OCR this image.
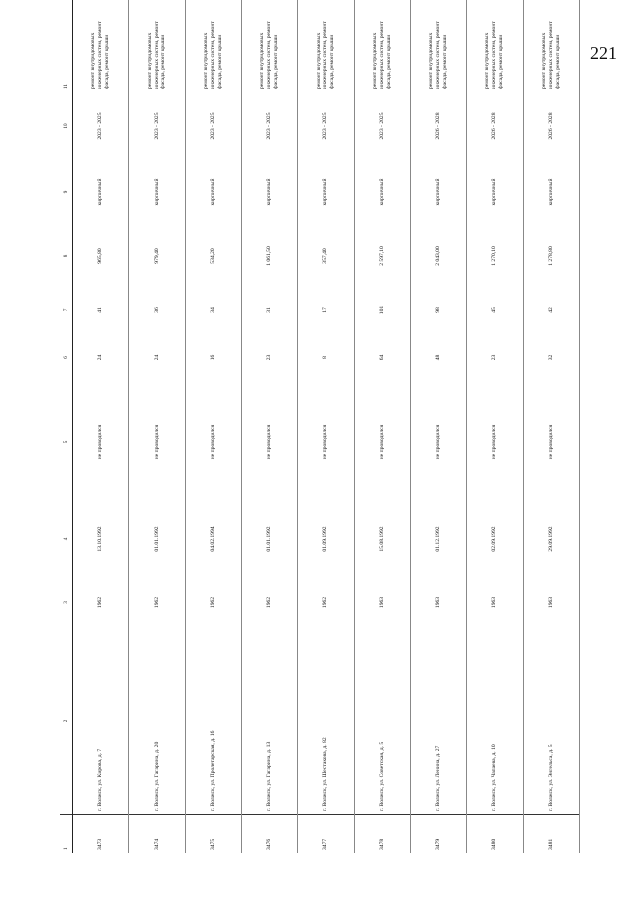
221
1	2	3	4	5	6	7	8	9	10	11	
3473	г. Волжск, ул. Кирова, д. 7	1962	13.10.1992	не проводился	24	41	965,80	кирпичный	2023 - 2025	ремонт внутридомовых инженерных систем, ремонт фасада, ремонт крыши	
3474	г. Волжск, ул. Гагарина, д. 20	1962	01.01.1992	не проводился	24	36	979,40	кирпичный	2023 - 2025	ремонт внутридомовых инженерных систем, ремонт фасада, ремонт крыши	
3475	г. Волжск, ул. Пролетарская, д. 16	1962	04.02.1994	не проводился	16	34	534,20	кирпичный	2023 - 2025	ремонт внутридомовых инженерных систем, ремонт фасада, ремонт крыши	
3476	г. Волжск, ул. Гагарина, д. 13	1962	01.01.1992	не проводился	23	31	1 061,50	кирпичный	2023 - 2025	ремонт внутридомовых инженерных систем, ремонт фасада, ремонт крыши	
3477	г. Волжск, ул. Шестакова, д. 82	1962	01.09.1992	не проводился	8	17	357,40	кирпичный	2023 - 2025	ремонт внутридомовых инженерных систем, ремонт фасада, ремонт крыши	
3478	г. Волжск, ул. Советская, д. 5	1963	15.08.1992	не проводился	64	101	2 597,10	кирпичный	2023 - 2025	ремонт внутридомовых инженерных систем, ремонт фасада, ремонт крыши	
3479	г. Волжск, ул. Ленина, д. 27	1963	01.12.1992	не проводился	48	98	2 043,00	кирпичный	2026 - 2028	ремонт внутридомовых инженерных систем, ремонт фасада, ремонт крыши	
3480	г. Волжск, ул. Чапаева, д. 10	1963	02.09.1992	не проводился	23	45	1 270,10	кирпичный	2026 - 2028	ремонт внутридомовых инженерных систем, ремонт фасада, ремонт крыши	
3481	г. Волжск, ул. Энгельса, д. 5	1963	29.09.1992	не проводился	32	42	1 278,80	кирпичный	2026 - 2028	ремонт внутридомовых инженерных систем, ремонт фасада, ремонт крыши	
